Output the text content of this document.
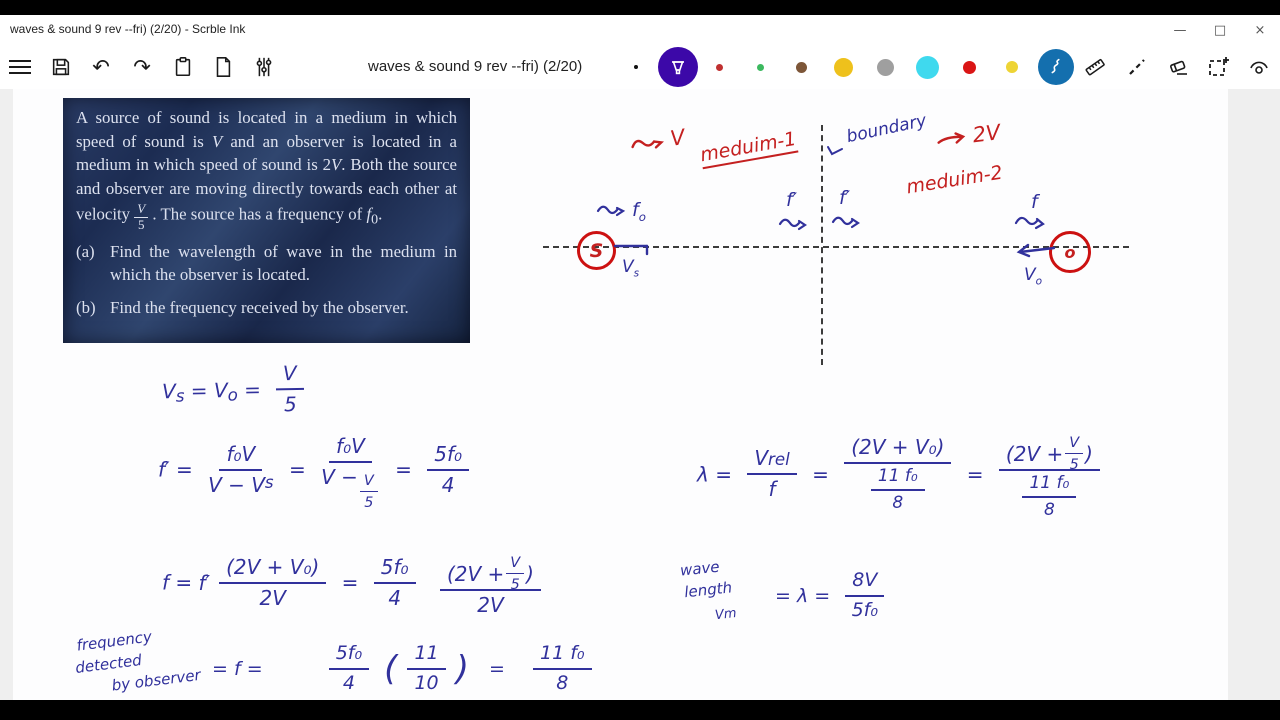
waves & sound 9 rev --fri) (2/20) - Scrble Ink	—	□	×
↶ ↷	waves & sound 9 rev --fri) (2/20)

A source of sound is located in a medium in which speed of sound is V and an observer is located in a medium in which speed of sound is 2V. Both the source and observer are moving directly towards each other at velocity $\frac{V}{5}$ . The source has a frequency of $f_0$.

(a) Find the wavelength of wave in the medium in which the observer is located.
(b) Find the frequency received by the observer.
V meduim-1	boundary	2V
meduim-2
$f_o$
f′ f′	f
S
$V_s$
o
$V_o$
$V_s = V_o = \frac{V}{5}$
$f' = \frac{\text{f₀V}}{\text{V − V s}} = \frac{\text{f₀V}}{V - \frac{V}{5}} = \frac{\text{5f₀}}{4}$	$\lambda = \frac{\text{V rel}}{f} = \frac{\text{(2V + V₀)}}{\frac{\text{11 f₀}}{8}} = \frac{(2V + \frac{V}{5} )}{\frac{\text{11 f₀}}{8}}$
$f = f' \frac{\text{(2V + V₀)}}{2V} = \frac{\text{5f₀}}{4}$
$\frac{(2V + \frac{V}{5} )}{2V}$	wave
length
Vm
= $\lambda = \frac{8V}{\text{5f₀}}$
frequency
detected
by observer = f =	$\frac{\text{5f₀}}{4}$ ( $\frac{11}{10}$ ) = $\frac{\text{11 f₀}}{8}$
